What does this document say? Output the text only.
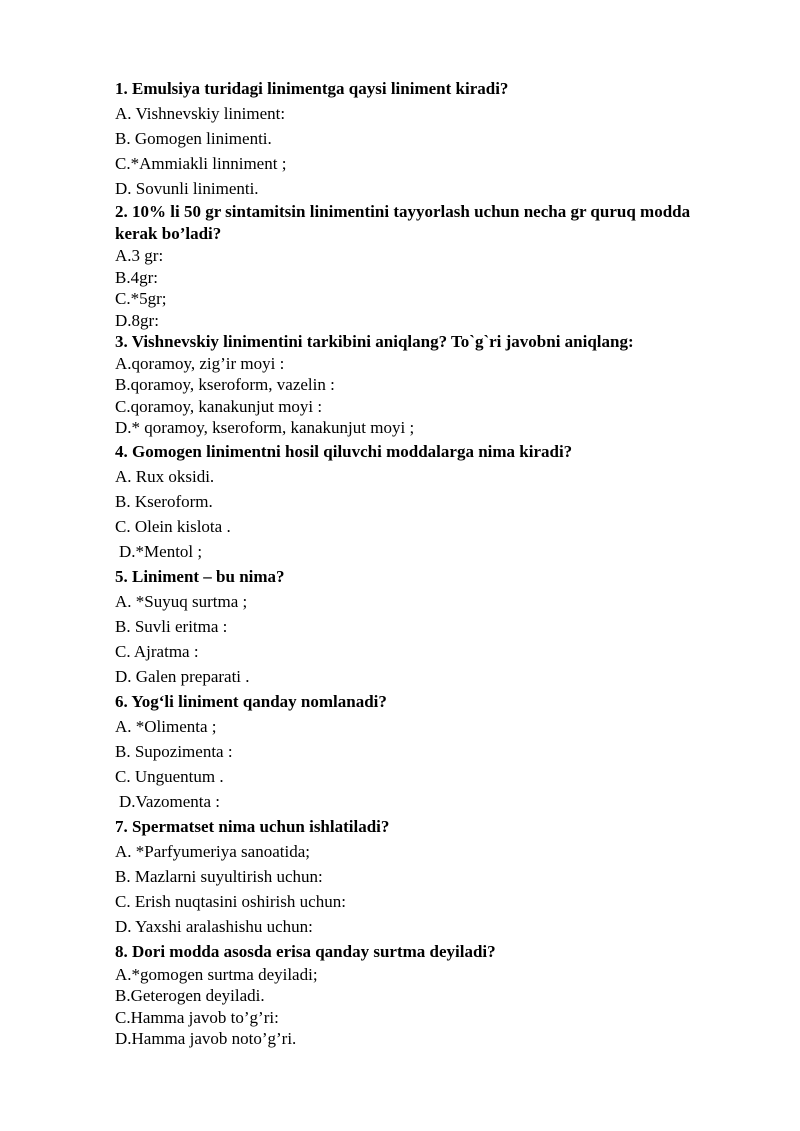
1. Emulsiya turidagi linimentga qaysi liniment kiradi?

A. Vishnevskiy liniment:

B. Gomogen linimenti.

C.*Ammiakli linniment ;

D. Sovunli linimenti.

2. 10% li 50 gr sintamitsin linimentini tayyorlash uchun necha gr quruq modda kerak bo’ladi?

A.3 gr:

B.4gr:

C.*5gr;

D.8gr:

3. Vishnevskiy linimentini tarkibini aniqlang? To`g`ri javobni aniqlang:

A.qoramoy, zig’ir moyi :

B.qoramoy, kseroform, vazelin :

C.qoramoy, kanakunjut moyi :

D.* qoramoy, kseroform, kanakunjut moyi ;

4. Gomogen linimentni hosil qiluvchi moddalarga nima kiradi?

A. Rux oksidi.

B. Kseroform.

C. Olein kislota .

D.*Mentol ;

5. Liniment – bu nima?

A. *Suyuq surtma ;

B. Suvli eritma :

C. Ajratma :

D. Galen preparati .

6. Yog‘li liniment qanday nomlanadi?

A. *Olimenta ;

B. Supozimenta :

C. Unguentum .

D.Vazomenta :

7. Spermatset nima uchun ishlatiladi?

A. *Parfyumeriya sanoatida;

B. Mazlarni suyultirish uchun:

C. Erish nuqtasini oshirish uchun:

D. Yaxshi aralashishu uchun:

8. Dori modda asosda erisa qanday surtma deyiladi?

A.*gomogen surtma deyiladi;

B.Geterogen deyiladi.

C.Hamma javob to’g’ri:

D.Hamma javob noto’g’ri.
